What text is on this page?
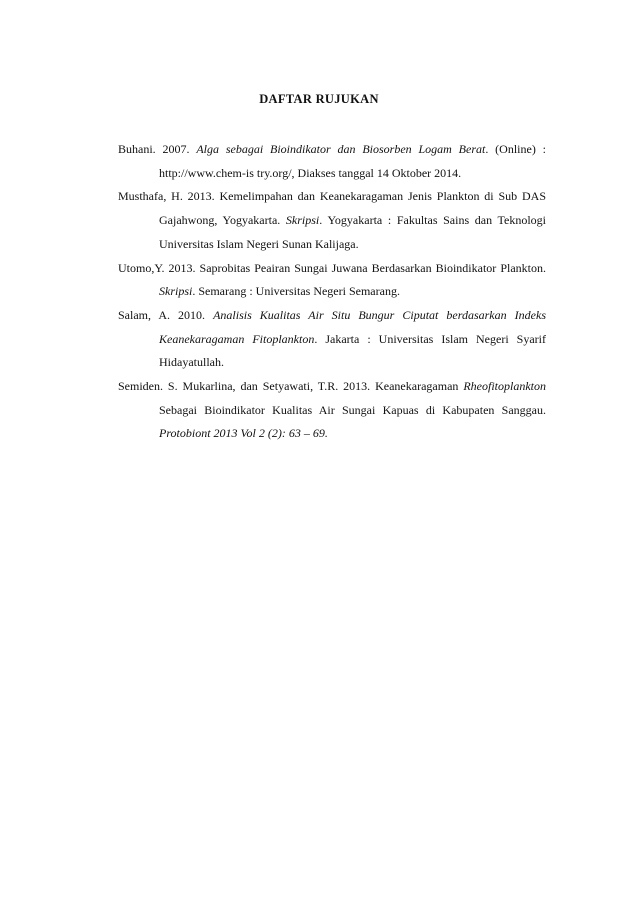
DAFTAR RUJUKAN
Buhani. 2007. Alga sebagai Bioindikator dan Biosorben Logam Berat. (Online) : http://www.chem-is try.org/, Diakses tanggal 14 Oktober 2014.
Musthafa, H. 2013. Kemelimpahan dan Keanekaragaman Jenis Plankton di Sub DAS Gajahwong, Yogyakarta. Skripsi. Yogyakarta : Fakultas Sains dan Teknologi Universitas Islam Negeri Sunan Kalijaga.
Utomo,Y. 2013. Saprobitas Peairan Sungai Juwana Berdasarkan Bioindikator Plankton. Skripsi. Semarang : Universitas Negeri Semarang.
Salam, A. 2010. Analisis Kualitas Air Situ Bungur Ciputat berdasarkan Indeks Keanekaragaman Fitoplankton. Jakarta : Universitas Islam Negeri Syarif Hidayatullah.
Semiden. S. Mukarlina, dan Setyawati, T.R. 2013. Keanekaragaman Rheofitoplankton Sebagai Bioindikator Kualitas Air Sungai Kapuas di Kabupaten Sanggau. Protobiont 2013 Vol 2 (2): 63 – 69.
